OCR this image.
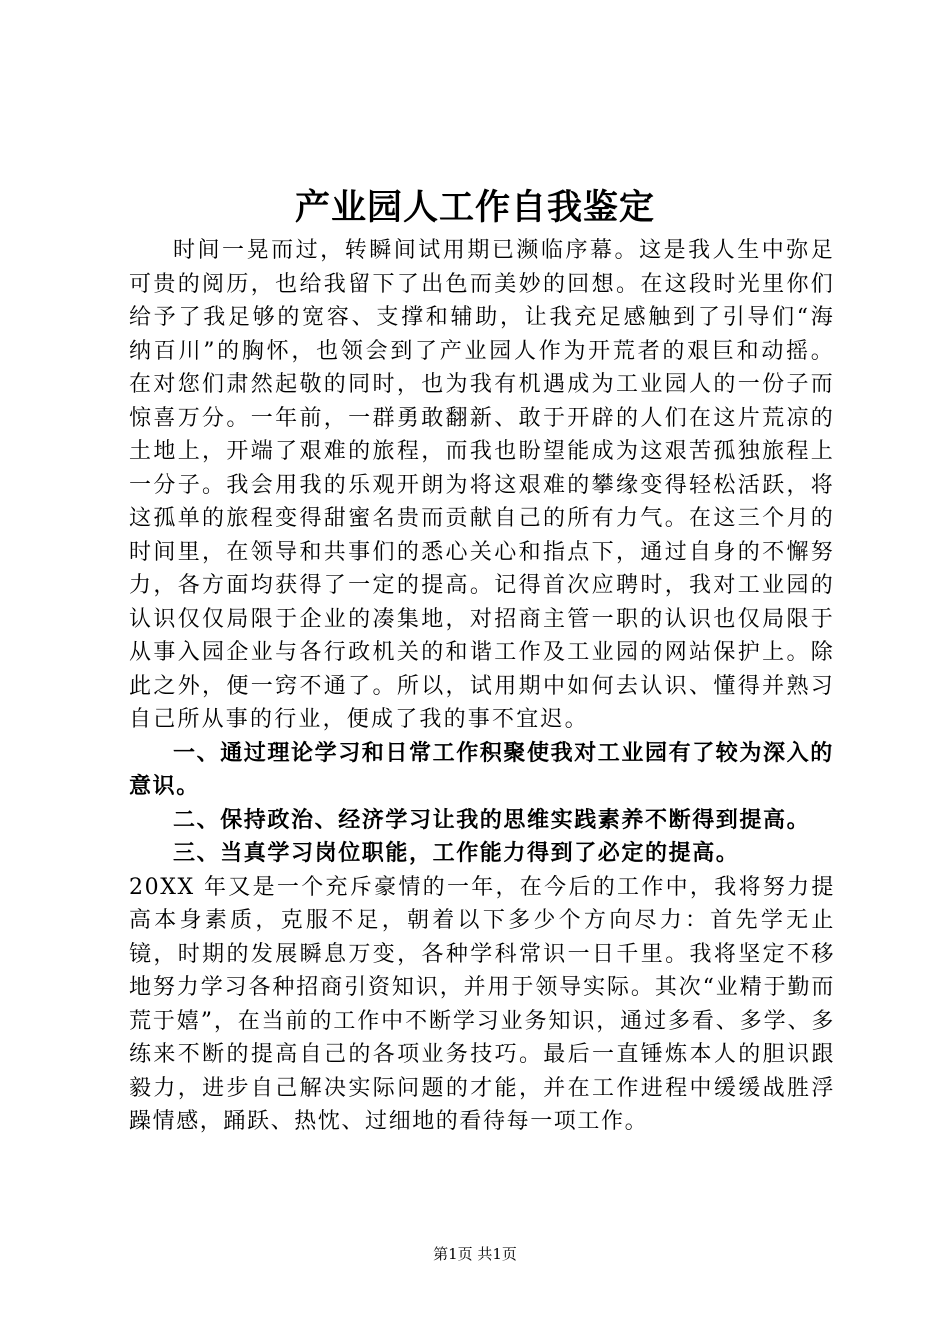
产业园人工作自我鉴定

时间一晃而过，转瞬间试用期已濒临序幕。这是我人生中弥足可贵的阅历，也给我留下了出色而美妙的回想。在这段时光里你们给予了我足够的宽容、支撑和辅助，让我充足感触到了引导们“海纳百川”的胸怀，也领会到了产业园人作为开荒者的艰巨和动摇。在对您们肃然起敬的同时，也为我有机遇成为工业园人的一份子而惊喜万分。一年前，一群勇敢翻新、敢于开辟的人们在这片荒凉的土地上，开端了艰难的旅程，而我也盼望能成为这艰苦孤独旅程上一分子。我会用我的乐观开朗为将这艰难的攀缘变得轻松活跃，将这孤单的旅程变得甜蜜名贵而贡献自己的所有力气。在这三个月的时间里，在领导和共事们的悉心关心和指点下，通过自身的不懈努力，各方面均获得了一定的提高。记得首次应聘时，我对工业园的认识仅仅局限于企业的凑集地，对招商主管一职的认识也仅局限于从事入园企业与各行政机关的和谐工作及工业园的网站保护上。除此之外，便一窍不通了。所以，试用期中如何去认识、懂得并熟习自己所从事的行业，便成了我的事不宜迟。

一、通过理论学习和日常工作积聚使我对工业园有了较为深入的意识。

二、保持政治、经济学习让我的思维实践素养不断得到提高。

三、当真学习岗位职能，工作能力得到了必定的提高。

20XX 年又是一个充斥豪情的一年，在今后的工作中，我将努力提高本身素质，克服不足，朝着以下多少个方向尽力：首先学无止镜，时期的发展瞬息万变，各种学科常识一日千里。我将坚定不移地努力学习各种招商引资知识，并用于领导实际。其次“业精于勤而荒于嬉”，在当前的工作中不断学习业务知识，通过多看、多学、多练来不断的提高自己的各项业务技巧。最后一直锤炼本人的胆识跟毅力，进步自己解决实际问题的才能，并在工作进程中缓缓战胜浮躁情感，踊跃、热忱、过细地的看待每一项工作。

第1页 共1页
